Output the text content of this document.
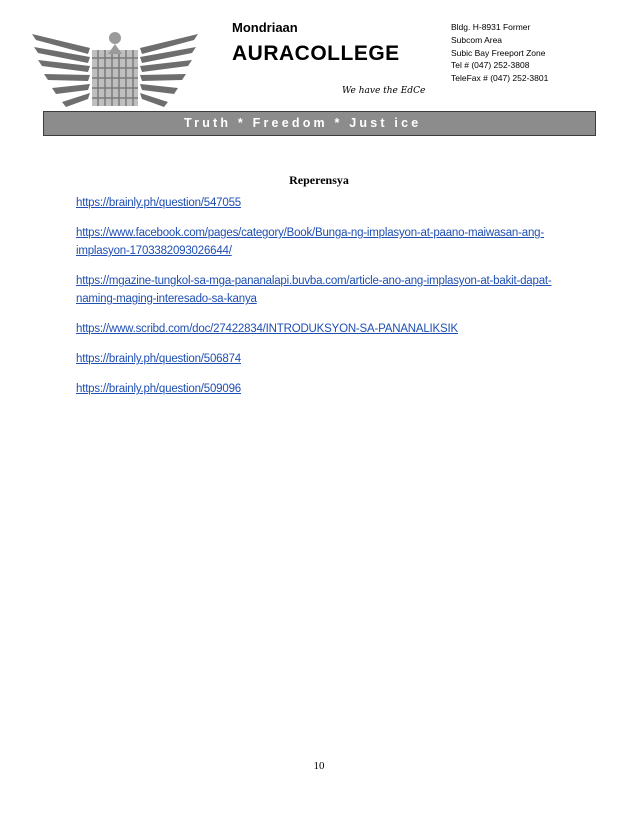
Mondriaan
AURACOLLEGE
We have the EdCe
Bldg. H-8931 Former
Subcom Area
Subic Bay Freeport Zone
Tel # (047) 252-3808
TeleFax # (047) 252-3801
Truth * Freedom * Just ice
Reperensya
https://brainly.ph/question/547055
https://www.facebook.com/pages/category/Book/Bunga-ng-implasyon-at-paano-maiwasan-ang-implasyon-1703382093026644/
https://mgazine-tungkol-sa-mga-pananalapi.buvba.com/article-ano-ang-implasyon-at-bakit-dapat-naming-maging-interesado-sa-kanya
https://www.scribd.com/doc/27422834/INTRODUKSYON-SA-PANANALIKSIK
https://brainly.ph/question/506874
https://brainly.ph/question/509096
10
